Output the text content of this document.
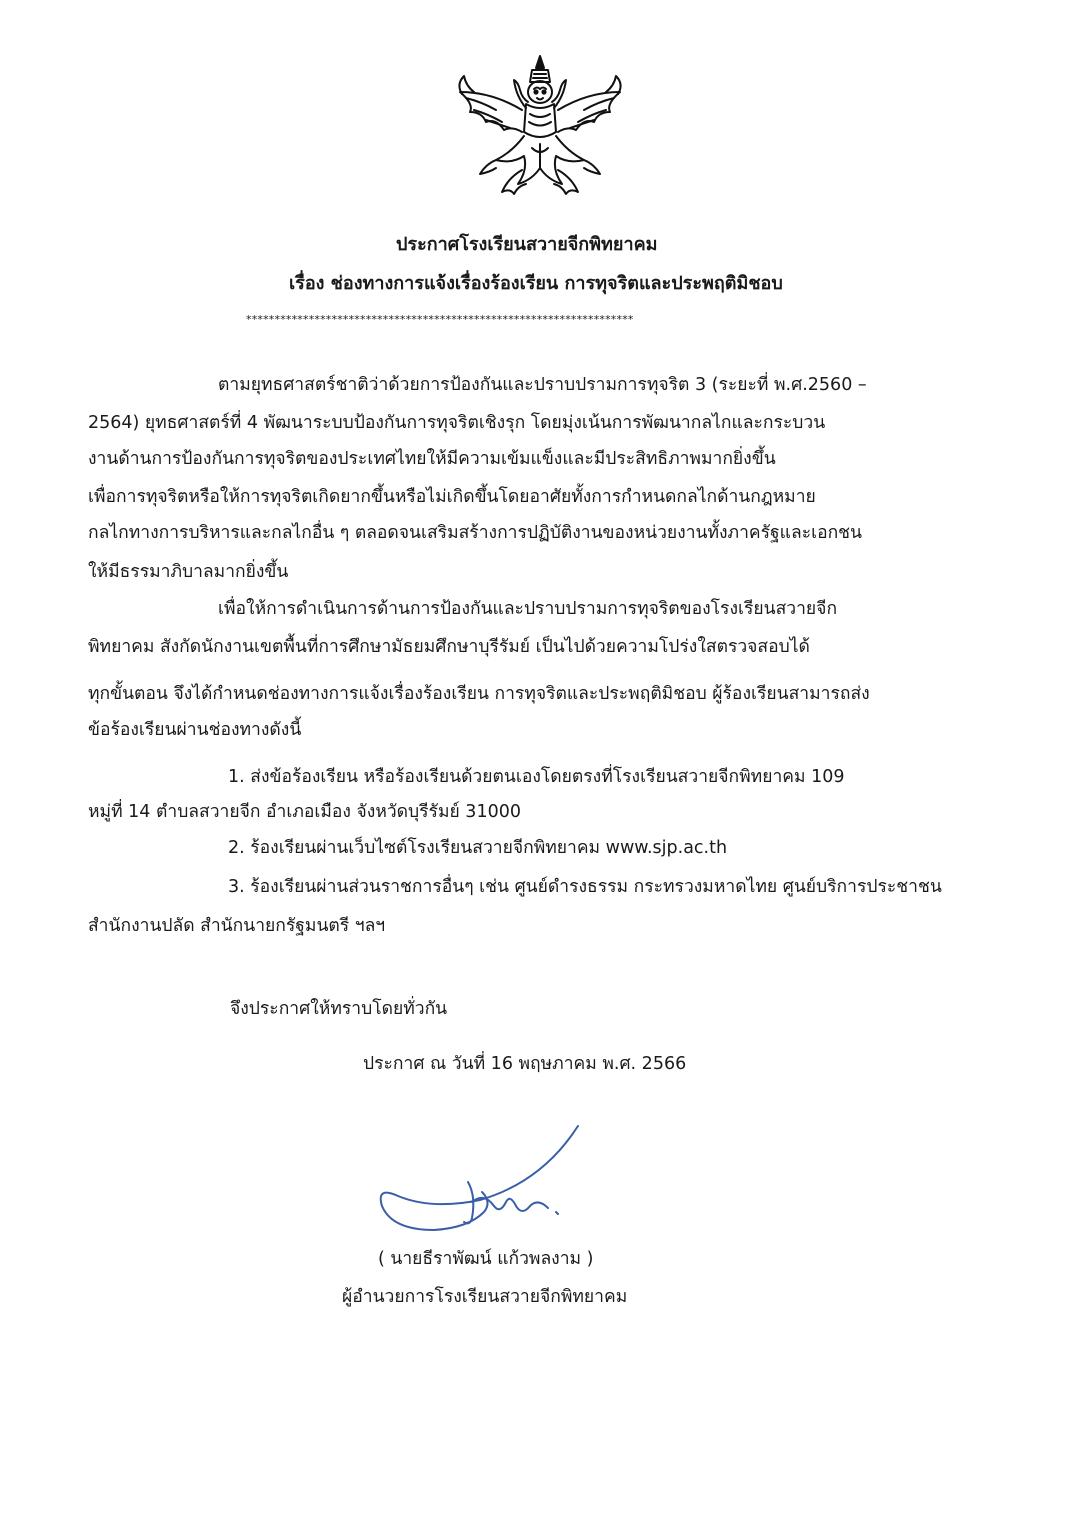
ประกาศโรงเรียนสวายจีกพิทยาคม

เรื่อง ช่องทางการแจ้งเรื่องร้องเรียน การทุจริตและประพฤติมิชอบ

********************************************************************

ตามยุทธศาสตร์ชาติว่าด้วยการป้องกันและปราบปรามการทุจริต 3 (ระยะที่ พ.ศ.2560 –

2564) ยุทธศาสตร์ที่ 4 พัฒนาระบบป้องกันการทุจริตเชิงรุก โดยมุ่งเน้นการพัฒนากลไกและกระบวน

งานด้านการป้องกันการทุจริตของประเทศไทยให้มีความเข้มแข็งและมีประสิทธิภาพมากยิ่งขึ้น

เพื่อการทุจริตหรือให้การทุจริตเกิดยากขึ้นหรือไม่เกิดขึ้นโดยอาศัยทั้งการกำหนดกลไกด้านกฎหมาย

กลไกทางการบริหารและกลไกอื่น ๆ ตลอดจนเสริมสร้างการปฏิบัติงานของหน่วยงานทั้งภาครัฐและเอกชน

ให้มีธรรมาภิบาลมากยิ่งขึ้น

เพื่อให้การดำเนินการด้านการป้องกันและปราบปรามการทุจริตของโรงเรียนสวายจีก

พิทยาคม สังกัดนักงานเขตพื้นที่การศึกษามัธยมศึกษาบุรีรัมย์ เป็นไปด้วยความโปร่งใสตรวจสอบได้

ทุกขั้นตอน จึงได้กำหนดช่องทางการแจ้งเรื่องร้องเรียน การทุจริตและประพฤติมิชอบ ผู้ร้องเรียนสามารถส่ง

ข้อร้องเรียนผ่านช่องทางดังนี้

1. ส่งข้อร้องเรียน หรือร้องเรียนด้วยตนเองโดยตรงที่โรงเรียนสวายจีกพิทยาคม 109

หมู่ที่ 14 ตำบลสวายจีก อำเภอเมือง จังหวัดบุรีรัมย์ 31000

2. ร้องเรียนผ่านเว็บไซต์โรงเรียนสวายจีกพิทยาคม www.sjp.ac.th

3. ร้องเรียนผ่านส่วนราชการอื่นๆ เช่น ศูนย์ดำรงธรรม กระทรวงมหาดไทย ศูนย์บริการประชาชน

สำนักงานปลัด สำนักนายกรัฐมนตรี ฯลฯ

จึงประกาศให้ทราบโดยทั่วกัน

ประกาศ ณ วันที่ 16 พฤษภาคม พ.ศ. 2566

( นายธีราพัฒน์ แก้วพลงาม )

ผู้อำนวยการโรงเรียนสวายจีกพิทยาคม
